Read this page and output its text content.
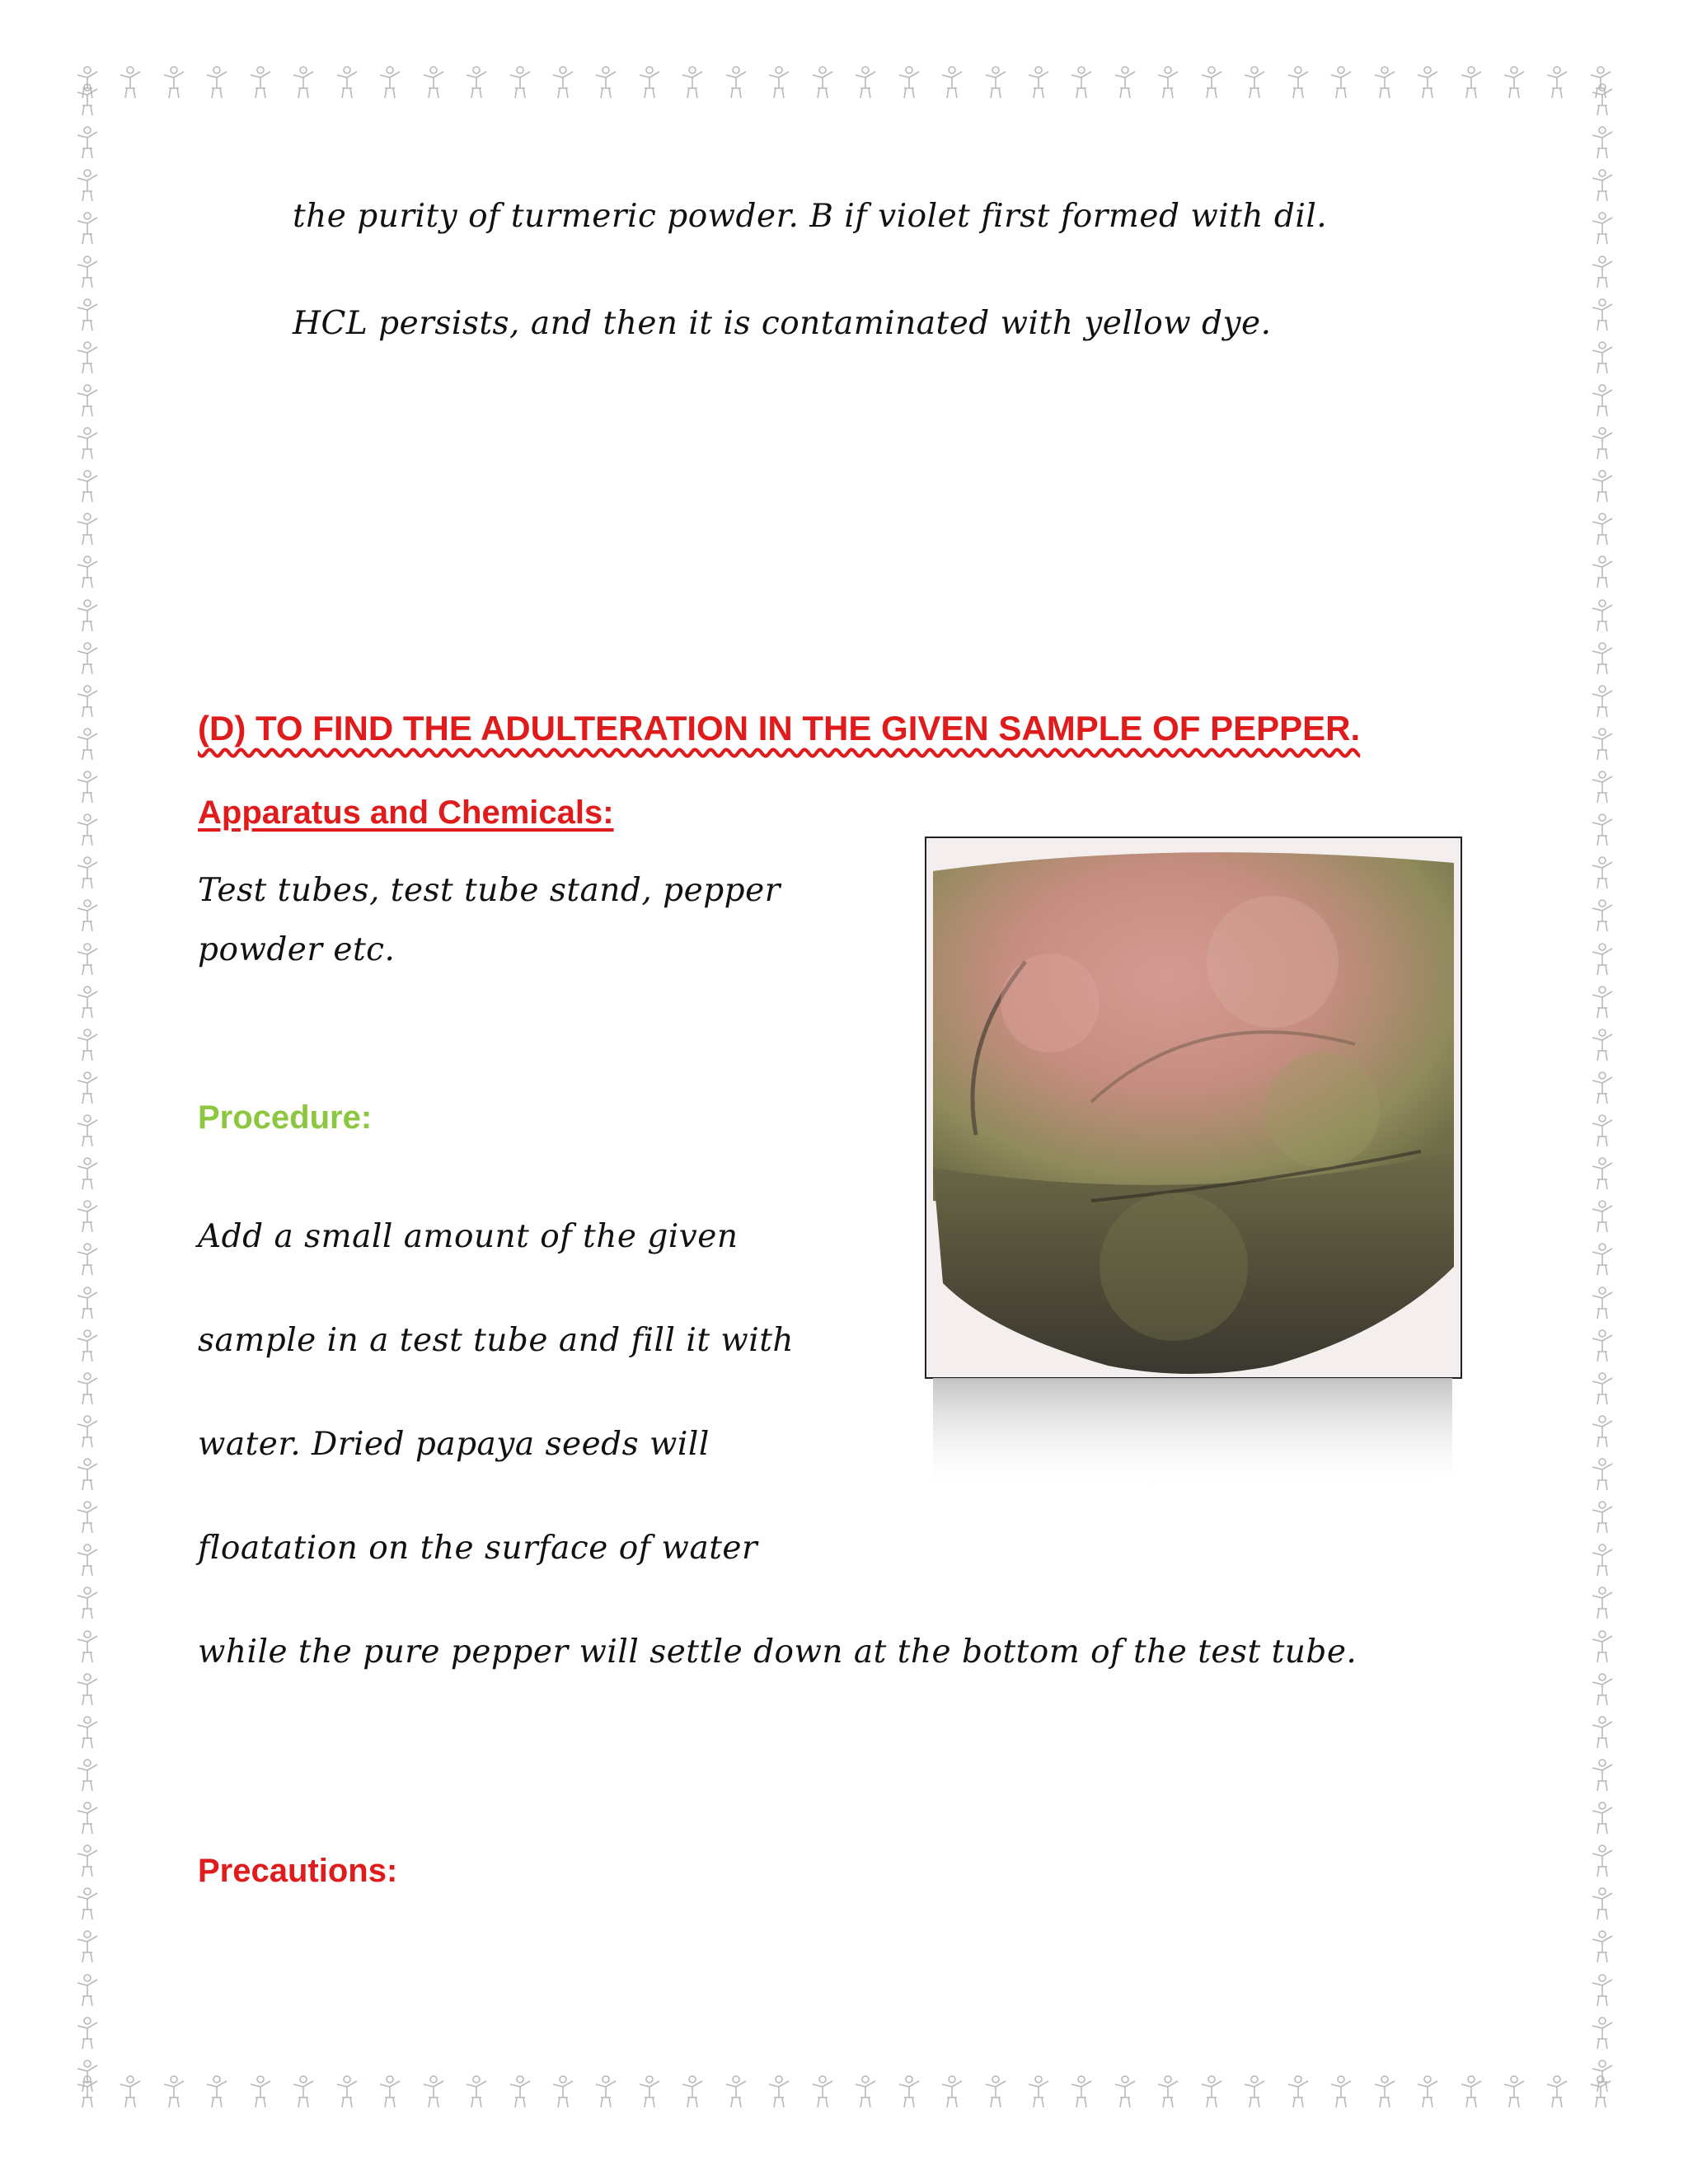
the purity of turmeric powder. B if violet first formed with dil.
HCL persists, and then it is contaminated with yellow dye.
(D) TO FIND THE ADULTERATION IN THE GIVEN SAMPLE OF PEPPER.
Apparatus and Chemicals:
Test tubes, test tube stand, pepper
powder etc.
Procedure:
Add a small amount of the given
sample in a test tube and fill it with
water. Dried papaya seeds will
floatation on the surface of water
while the pure pepper will settle down at the bottom of the test tube.
Precautions:
